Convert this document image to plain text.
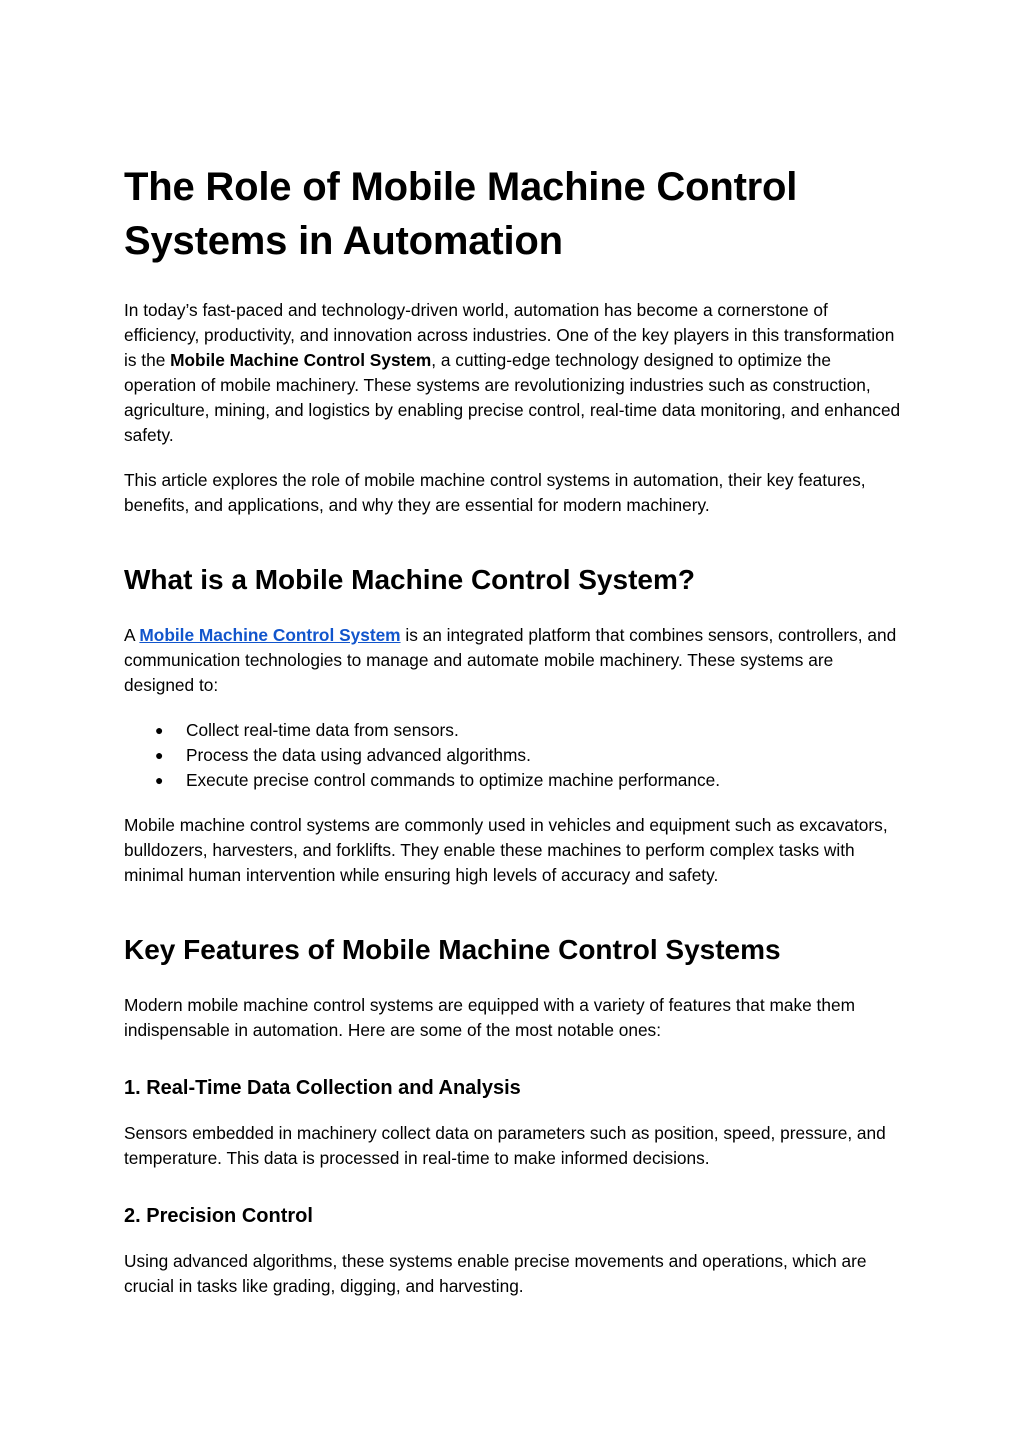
The Role of Mobile Machine Control Systems in Automation

In today’s fast-paced and technology-driven world, automation has become a cornerstone of efficiency, productivity, and innovation across industries. One of the key players in this transformation is the Mobile Machine Control System, a cutting-edge technology designed to optimize the operation of mobile machinery. These systems are revolutionizing industries such as construction, agriculture, mining, and logistics by enabling precise control, real-time data monitoring, and enhanced safety.

This article explores the role of mobile machine control systems in automation, their key features, benefits, and applications, and why they are essential for modern machinery.

What is a Mobile Machine Control System?

A Mobile Machine Control System is an integrated platform that combines sensors, controllers, and communication technologies to manage and automate mobile machinery. These systems are designed to:

● Collect real-time data from sensors.
● Process the data using advanced algorithms.
● Execute precise control commands to optimize machine performance.

Mobile machine control systems are commonly used in vehicles and equipment such as excavators, bulldozers, harvesters, and forklifts. They enable these machines to perform complex tasks with minimal human intervention while ensuring high levels of accuracy and safety.

Key Features of Mobile Machine Control Systems

Modern mobile machine control systems are equipped with a variety of features that make them indispensable in automation. Here are some of the most notable ones:

1. Real-Time Data Collection and Analysis

Sensors embedded in machinery collect data on parameters such as position, speed, pressure, and temperature. This data is processed in real-time to make informed decisions.

2. Precision Control

Using advanced algorithms, these systems enable precise movements and operations, which are crucial in tasks like grading, digging, and harvesting.
